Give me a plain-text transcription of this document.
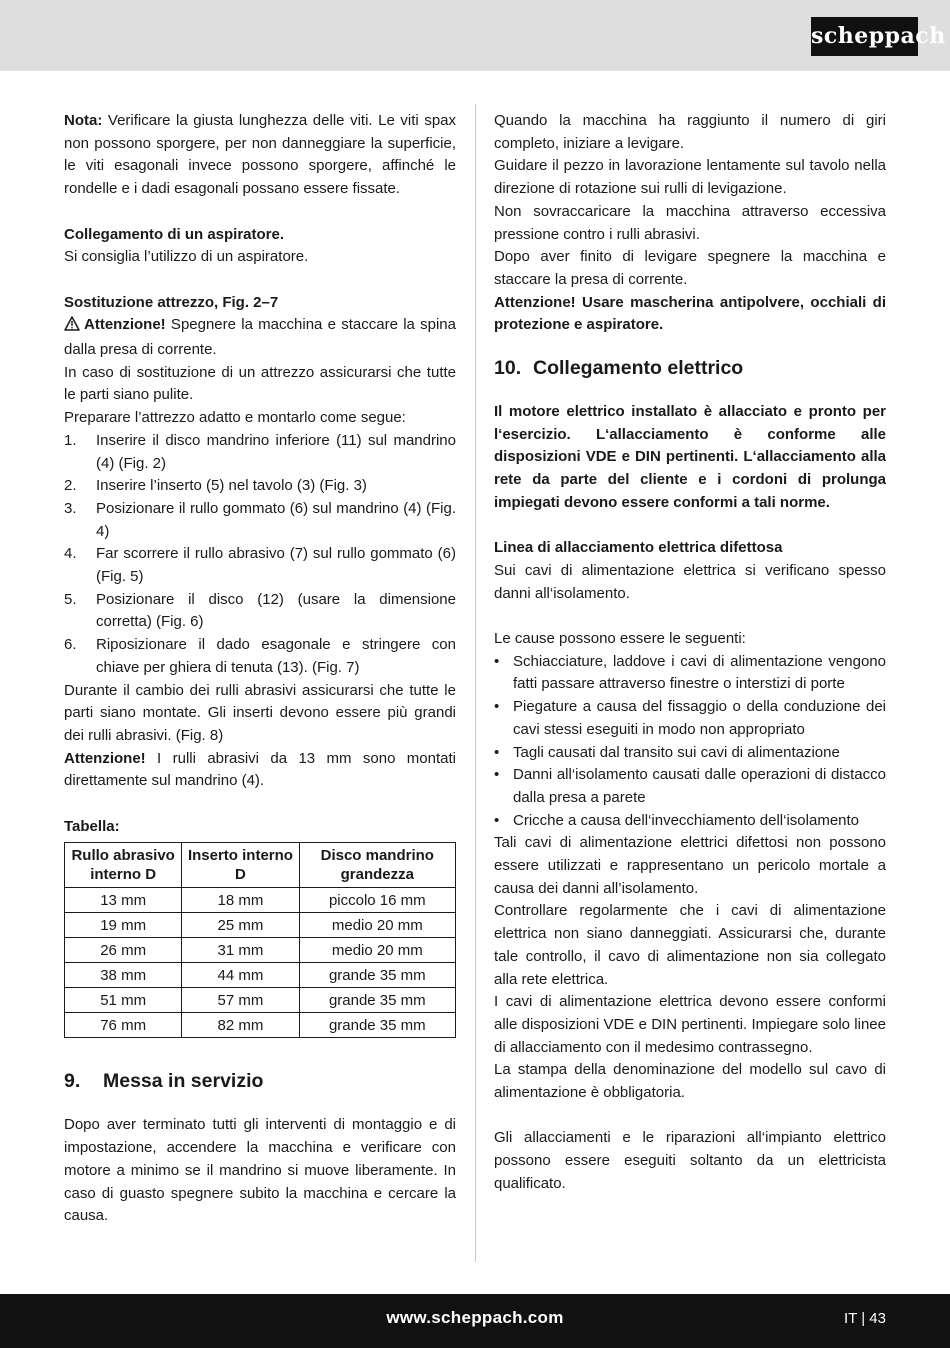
scheppach

Nota: Verificare la giusta lunghezza delle viti. Le viti spax non possono sporgere, per non danneggiare la superficie, le viti esagonali invece possono sporgere, affinché le rondelle e i dadi esagonali possano essere fissate.

Collegamento di un aspiratore.

Si consiglia l’utilizzo di un aspiratore.

Sostituzione attrezzo, Fig. 2–7

Attenzione! Spegnere la macchina e staccare la spina dalla presa di corrente.

In caso di sostituzione di un attrezzo assicurarsi che tutte le parti siano pulite.

Preparare l’attrezzo adatto e montarlo come segue:

1. Inserire il disco mandrino inferiore (11) sul mandrino (4) (Fig. 2)
2. Inserire l’inserto (5) nel tavolo (3) (Fig. 3)
3. Posizionare il rullo gommato (6) sul mandrino (4) (Fig. 4)
4. Far scorrere il rullo abrasivo (7) sul rullo gommato (6) (Fig. 5)
5. Posizionare il disco (12) (usare la dimensione corretta) (Fig. 6)
6. Riposizionare il dado esagonale e stringere con chiave per ghiera di tenuta (13). (Fig. 7)

Durante il cambio dei rulli abrasivi assicurarsi che tutte le parti siano montate. Gli inserti devono essere più grandi dei rulli abrasivi. (Fig. 8)

Attenzione! I rulli abrasivi da 13 mm sono montati direttamente sul mandrino (4).

Tabella:

Rullo abrasivo interno D	Inserto interno D	Disco mandrino grandezza
13 mm	18 mm	piccolo 16 mm
19 mm	25 mm	medio 20 mm
26 mm	31 mm	medio 20 mm
38 mm	44 mm	grande 35 mm
51 mm	57 mm	grande 35 mm
76 mm	82 mm	grande 35 mm
9. Messa in servizio

Dopo aver terminato tutti gli interventi di montaggio e di impostazione, accendere la macchina e verificare con motore a minimo se il mandrino si muove liberamente. In caso di guasto spegnere subito la macchina e cercare la causa.

Quando la macchina ha raggiunto il numero di giri completo, iniziare a levigare.

Guidare il pezzo in lavorazione lentamente sul tavolo nella direzione di rotazione sui rulli di levigazione.

Non sovraccaricare la macchina attraverso eccessiva pressione contro i rulli abrasivi.

Dopo aver finito di levigare spegnere la macchina e staccare la presa di corrente.

Attenzione! Usare mascherina antipolvere, occhiali di protezione e aspiratore.

10. Collegamento elettrico

Il motore elettrico installato è allacciato e pronto per l‘esercizio. L‘allacciamento è conforme alle disposizioni VDE e DIN pertinenti. L‘allacciamento alla rete da parte del cliente e i cordoni di prolunga impiegati devono essere conformi a tali norme.

Linea di allacciamento elettrica difettosa

Sui cavi di alimentazione elettrica si verificano spesso danni all‘isolamento.

Le cause possono essere le seguenti:

• Schiacciature, laddove i cavi di alimentazione vengono fatti passare attraverso finestre o interstizi di porte
• Piegature a causa del fissaggio o della conduzione dei cavi stessi eseguiti in modo non appropriato
• Tagli causati dal transito sui cavi di alimentazione
• Danni all‘isolamento causati dalle operazioni di distacco dalla presa a parete
• Cricche a causa dell‘invecchiamento dell‘isolamento

Tali cavi di alimentazione elettrici difettosi non possono essere utilizzati e rappresentano un pericolo mortale a causa dei danni all’isolamento.

Controllare regolarmente che i cavi di alimentazione elettrica non siano danneggiati. Assicurarsi che, durante tale controllo, il cavo di alimentazione non sia collegato alla rete elettrica.

I cavi di alimentazione elettrica devono essere conformi alle disposizioni VDE e DIN pertinenti. Impiegare solo linee di allacciamento con il medesimo contrassegno.

La stampa della denominazione del modello sul cavo di alimentazione è obbligatoria.

Gli allacciamenti e le riparazioni all‘impianto elettrico possono essere eseguiti soltanto da un elettricista qualificato.

www.scheppach.com	IT | 43
